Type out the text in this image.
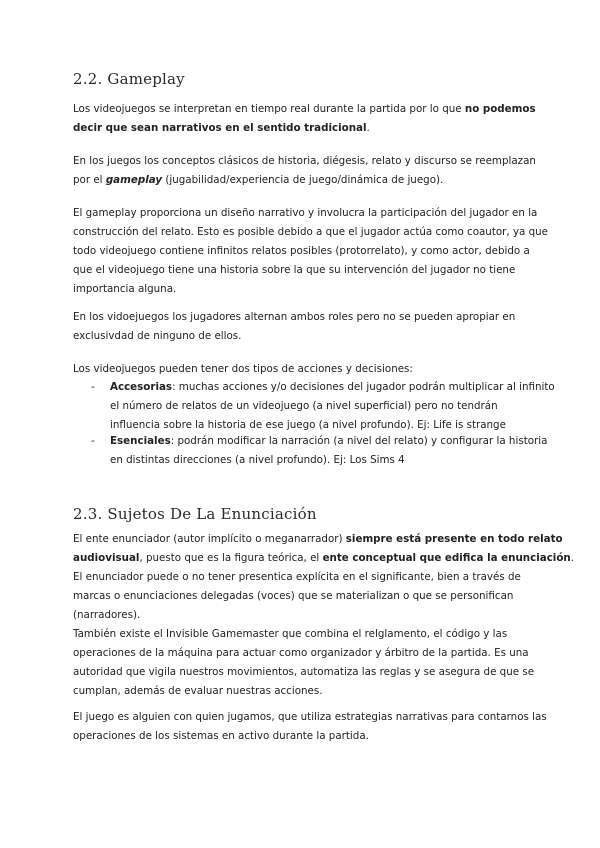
2.2. Gameplay
Los videojuegos se interpretan en tiempo real durante la partida por lo que no podemos
decir que sean narrativos en el sentido tradicional.
En los juegos los conceptos clásicos de historia, diégesis, relato y discurso se reemplazan
por el gameplay (jugabilidad/experiencia de juego/dinámica de juego).
El gameplay proporciona un diseño narrativo y involucra la participación del jugador en la
construcción del relato. Esto es posible debido a que el jugador actúa como coautor, ya que
todo videojuego contiene infinitos relatos posibles (protorrelato), y como actor, debido a
que el videojuego tiene una historia sobre la que su intervención del jugador no tiene
importancia alguna.
En los vidoejuegos los jugadores alternan ambos roles pero no se pueden apropiar en
exclusivdad de ninguno de ellos.
Los videojuegos pueden tener dos tipos de acciones y decisiones:
- Accesorias: muchas acciones y/o decisiones del jugador podrán multiplicar al infinito
el número de relatos de un videojuego (a nivel superficial) pero no tendrán
influencia sobre la historia de ese juego (a nivel profundo). Ej: Life is strange
- Esenciales: podrán modificar la narración (a nivel del relato) y configurar la historia
en distintas direcciones (a nivel profundo). Ej: Los Sims 4
2.3. Sujetos De La Enunciación
El ente enunciador (autor implícito o meganarrador) siempre está presente en todo relato
audiovisual, puesto que es la figura teórica, el ente conceptual que edifica la enunciación.
El enunciador puede o no tener presentica explícita en el significante, bien a través de
marcas o enunciaciones delegadas (voces) que se materializan o que se personifican
(narradores).
También existe el Invisible Gamemaster que combina el relglamento, el código y las
operaciones de la máquina para actuar como organizador y árbitro de la partida. Es una
autoridad que vigila nuestros movimientos, automatiza las reglas y se asegura de que se
cumplan, además de evaluar nuestras acciones.
El juego es alguien con quien jugamos, que utiliza estrategias narrativas para contarnos las
operaciones de los sistemas en activo durante la partida.
